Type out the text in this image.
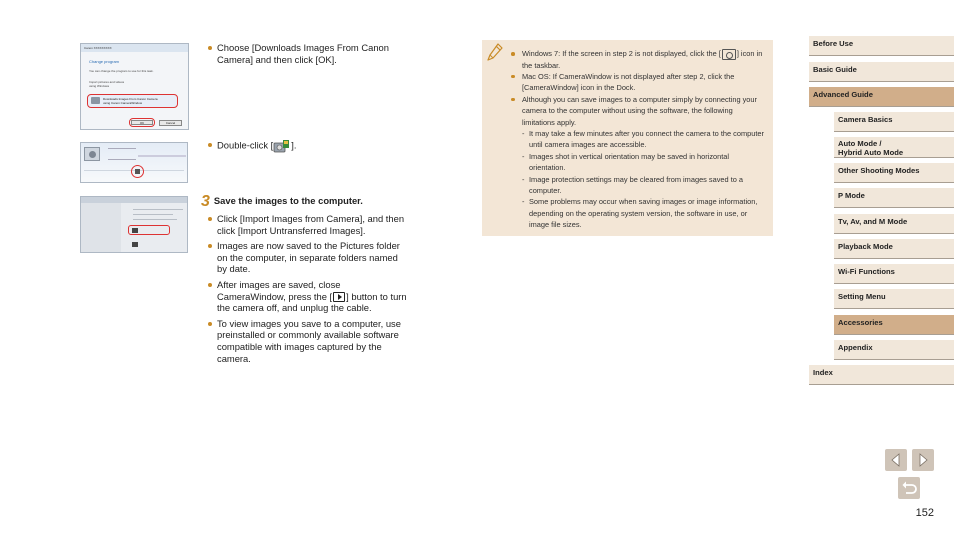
Canon XXXXXXXXX
Change program
You can change the program to use for this task.
Import pictures and videos
using Windows
Downloads Images From Canon Camera
using Canon CameraWindow
OK	Cancel
Choose [Downloads Images From Canon Camera] and then click [OK].
Double-click [ ].
3 Save the images to the computer.
Click [Import Images from Camera], and then click [Import Untransferred Images].
Images are now saved to the Pictures folder on the computer, in separate folders named by date.
After images are saved, close CameraWindow, press the [ ] button to turn the camera off, and unplug the cable.
To view images you save to a computer, use preinstalled or commonly available software compatible with images captured by the camera.
Windows 7: If the screen in step 2 is not displayed, click the [ ] icon in the taskbar.
Mac OS: If CameraWindow is not displayed after step 2, click the [CameraWindow] icon in the Dock.
Although you can save images to a computer simply by connecting your camera to the computer without using the software, the following limitations apply.
- It may take a few minutes after you connect the camera to the computer until camera images are accessible.
- Images shot in vertical orientation may be saved in horizontal orientation.
- Image protection settings may be cleared from images saved to a computer.
- Some problems may occur when saving images or image information, depending on the operating system version, the software in use, or image file sizes.
Before Use
Basic Guide
Advanced Guide
Camera Basics
Auto Mode /
Hybrid Auto Mode
Other Shooting Modes
P Mode
Tv, Av, and M Mode
Playback Mode
Wi-Fi Functions
Setting Menu
Accessories
Appendix
Index
152
